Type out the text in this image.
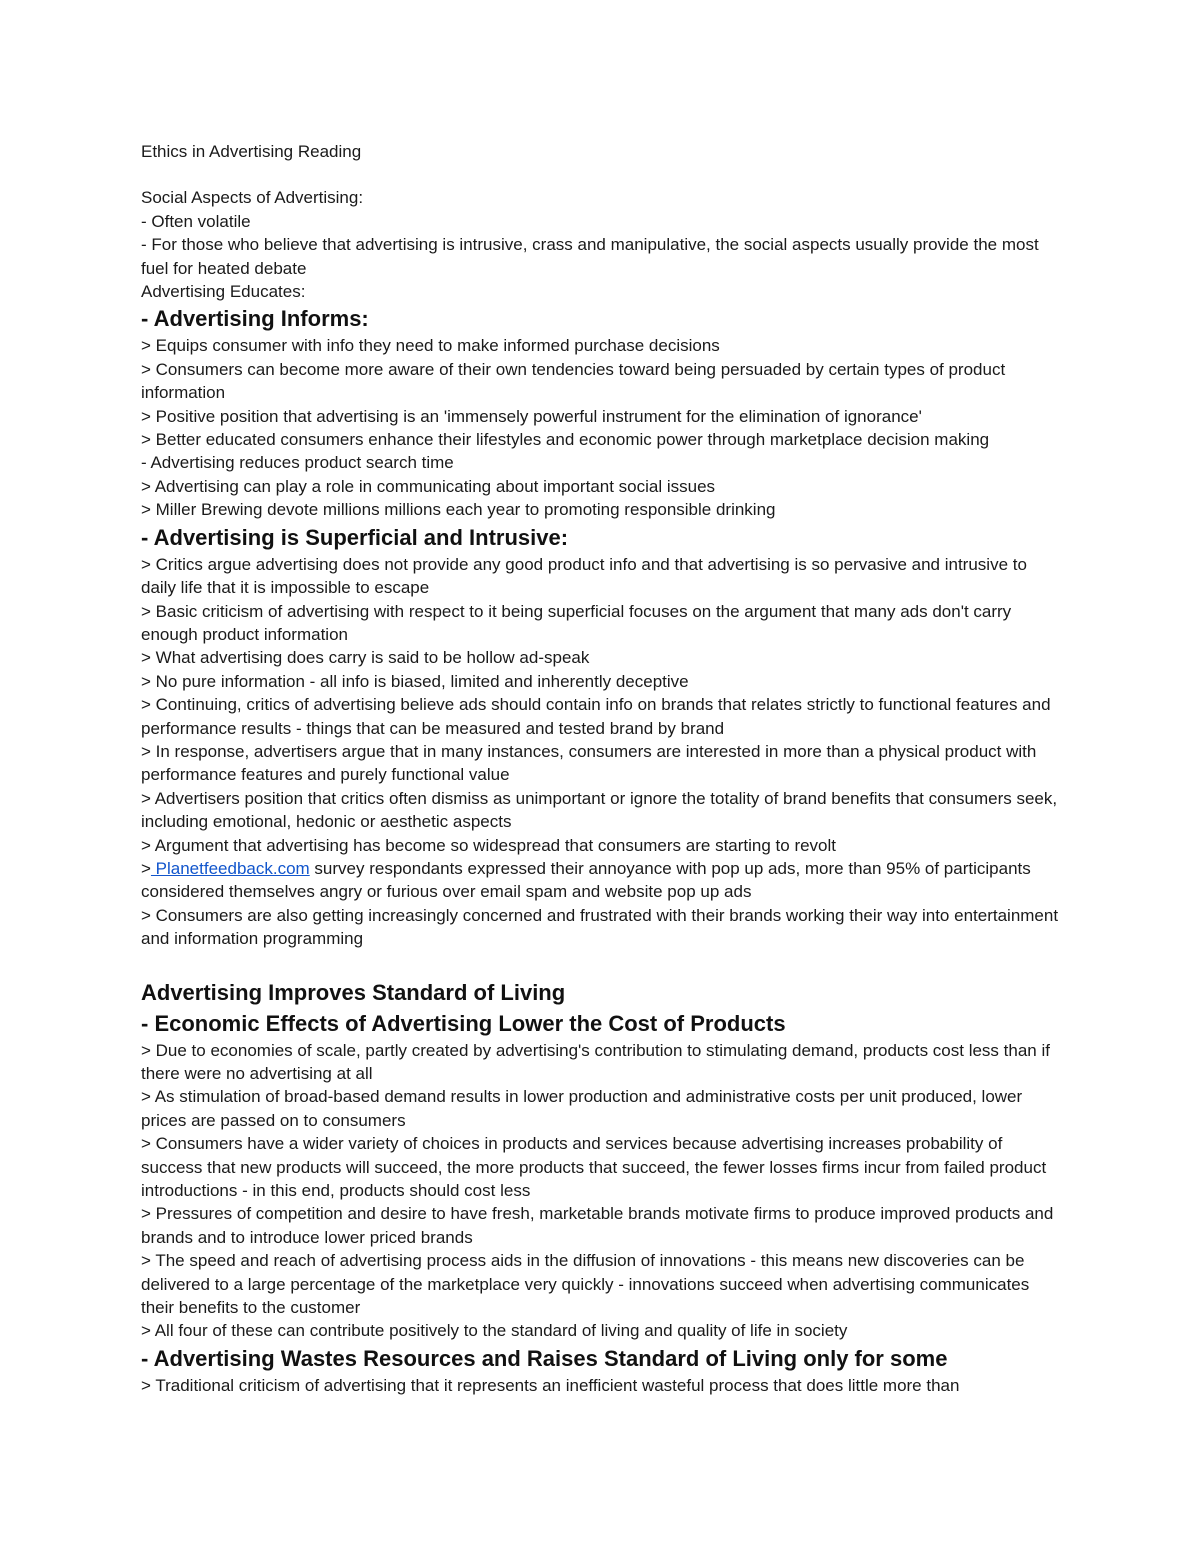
Ethics in Advertising Reading

Social Aspects of Advertising:

- Often volatile

- For those who believe that advertising is intrusive, crass and manipulative, the social aspects usually provide the most fuel for heated debate

Advertising Educates:

- Advertising Informs:

> Equips consumer with info they need to make informed purchase decisions

> Consumers can become more aware of their own tendencies toward being persuaded by certain types of product information

> Positive position that advertising is an 'immensely powerful instrument for the elimination of ignorance'

> Better educated consumers enhance their lifestyles and economic power through marketplace decision making

- Advertising reduces product search time

> Advertising can play a role in communicating about important social issues

> Miller Brewing devote millions millions each year to promoting responsible drinking

- Advertising is Superficial and Intrusive:

> Critics argue advertising does not provide any good product info and that advertising is so pervasive and intrusive to daily life that it is impossible to escape

> Basic criticism of advertising with respect to it being superficial focuses on the argument that many ads don't carry enough product information

> What advertising does carry is said to be hollow ad-speak

> No pure information - all info is biased, limited and inherently deceptive

> Continuing, critics of advertising believe ads should contain info on brands that relates strictly to functional features and performance results - things that can be measured and tested brand by brand

> In response, advertisers argue that in many instances, consumers are interested in more than a physical product with performance features and purely functional value

> Advertisers position that critics often dismiss as unimportant or ignore the totality of brand benefits that consumers seek, including emotional, hedonic or aesthetic aspects

> Argument that advertising has become so widespread that consumers are starting to revolt

> Planetfeedback.com survey respondants expressed their annoyance with pop up ads, more than 95% of participants considered themselves angry or furious over email spam and website pop up ads

> Consumers are also getting increasingly concerned and frustrated with their brands working their way into entertainment and information programming

Advertising Improves Standard of Living

- Economic Effects of Advertising Lower the Cost of Products

> Due to economies of scale, partly created by advertising's contribution to stimulating demand, products cost less than if there were no advertising at all

> As stimulation of broad-based demand results in lower production and administrative costs per unit produced, lower prices are passed on to consumers

> Consumers have a wider variety of choices in products and services because advertising increases probability of success that new products will succeed, the more products that succeed, the fewer losses firms incur from failed product introductions - in this end, products should cost less

> Pressures of competition and desire to have fresh, marketable brands motivate firms to produce improved products and brands and to introduce lower priced brands

> The speed and reach of advertising process aids in the diffusion of innovations - this means new discoveries can be delivered to a large percentage of the marketplace very quickly - innovations succeed when advertising communicates their benefits to the customer

> All four of these can contribute positively to the standard of living and quality of life in society

- Advertising Wastes Resources and Raises Standard of Living only for some

> Traditional criticism of advertising that it represents an inefficient wasteful process that does little more than
